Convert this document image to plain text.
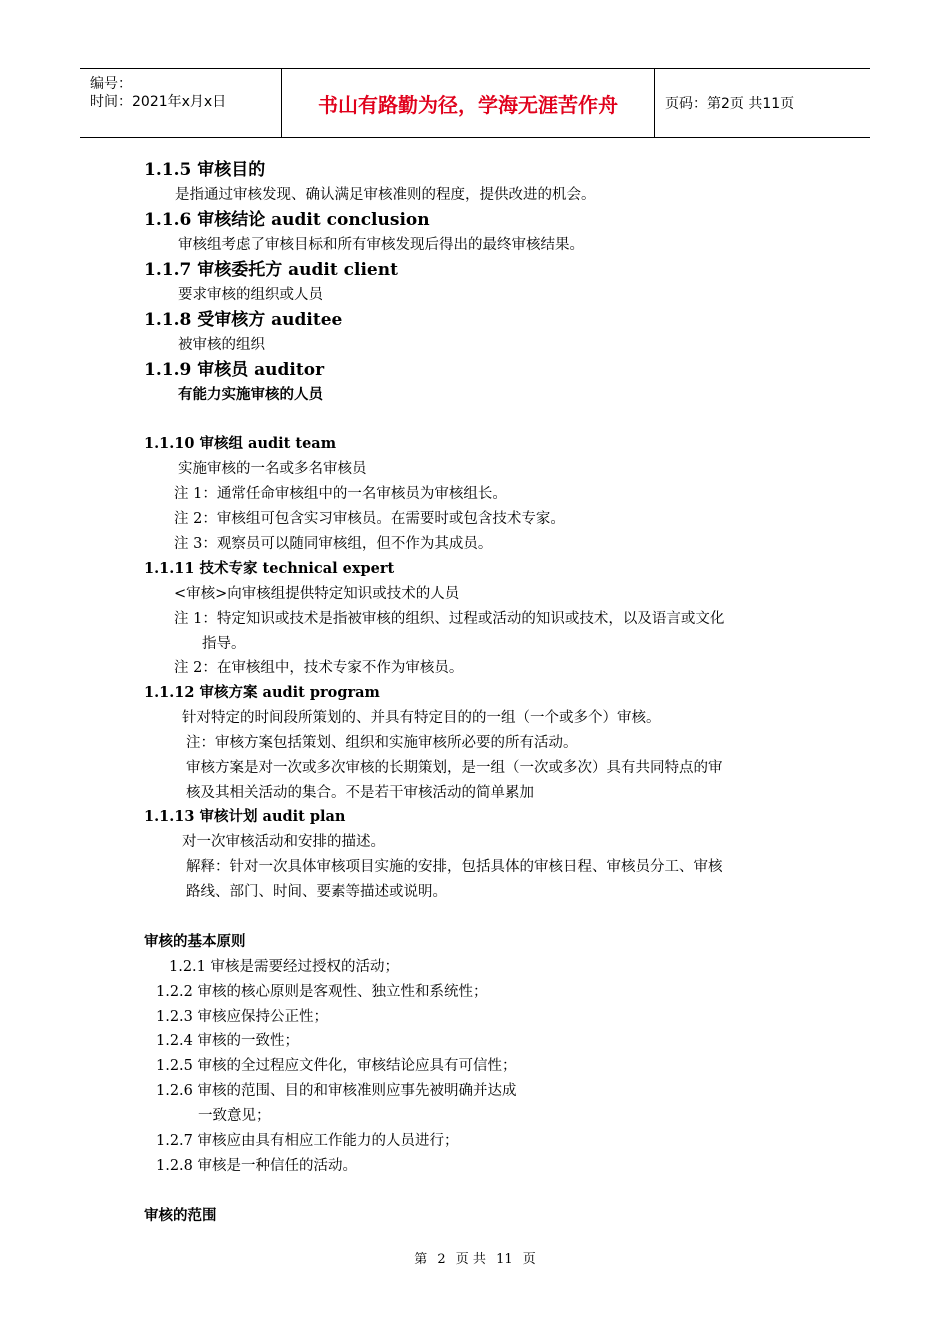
编号：
时间：2021年x月x日	书山有路勤为径，学海无涯苦作舟	页码：第2页 共11页
1.1.5 审核目的
是指通过审核发现、确认满足审核准则的程度，提供改进的机会。
1.1.6 审核结论 audit conclusion
审核组考虑了审核目标和所有审核发现后得出的最终审核结果。
1.1.7 审核委托方 audit client
要求审核的组织或人员
1.1.8 受审核方 auditee
被审核的组织
1.1.9 审核员 auditor
有能力实施审核的人员
1.1.10 审核组 audit team
实施审核的一名或多名审核员
注 1：通常任命审核组中的一名审核员为审核组长。
注 2：审核组可包含实习审核员。在需要时或包含技术专家。
注 3：观察员可以随同审核组，但不作为其成员。
1.1.11 技术专家 technical expert
<审核>向审核组提供特定知识或技术的人员
注 1：特定知识或技术是指被审核的组织、过程或活动的知识或技术，以及语言或文化
指导。
注 2：在审核组中，技术专家不作为审核员。
1.1.12 审核方案 audit program
针对特定的时间段所策划的、并具有特定目的的一组（一个或多个）审核。
注：审核方案包括策划、组织和实施审核所必要的所有活动。
审核方案是对一次或多次审核的长期策划，是一组（一次或多次）具有共同特点的审
核及其相关活动的集合。不是若干审核活动的简单累加
1.1.13 审核计划 audit plan
对一次审核活动和安排的描述。
解释：针对一次具体审核项目实施的安排，包括具体的审核日程、审核员分工、审核
路线、部门、时间、要素等描述或说明。
审核的基本原则
1.2.1 审核是需要经过授权的活动；
1.2.2 审核的核心原则是客观性、独立性和系统性；
1.2.3 审核应保持公正性；
1.2.4 审核的一致性；
1.2.5 审核的全过程应文件化，审核结论应具有可信性；
1.2.6 审核的范围、目的和审核准则应事先被明确并达成
一致意见；
1.2.7 审核应由具有相应工作能力的人员进行；
1.2.8 审核是一种信任的活动。
审核的范围
第 2 页 共 11 页
